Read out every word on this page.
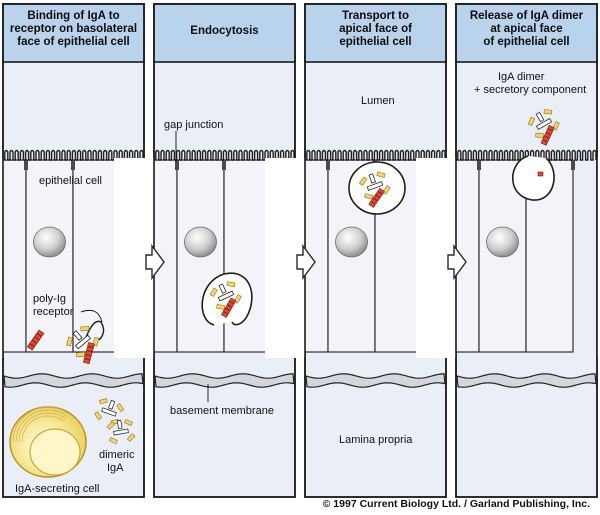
Binding of IgA to
receptor on basolateral
face of epithelial cell
Endocytosis
Transport to
apical face of
epithelial cell
Release of IgA dimer
at apical face
of epithelial cell
epithelial cell
poly-Ig
receptor
dimeric
IgA
IgA-secreting cell
gap junction
basement membrane
Lumen
Lamina propria
IgA dimer
+ secretory component
© 1997 Current Biology Ltd. / Garland Publishing, Inc.
